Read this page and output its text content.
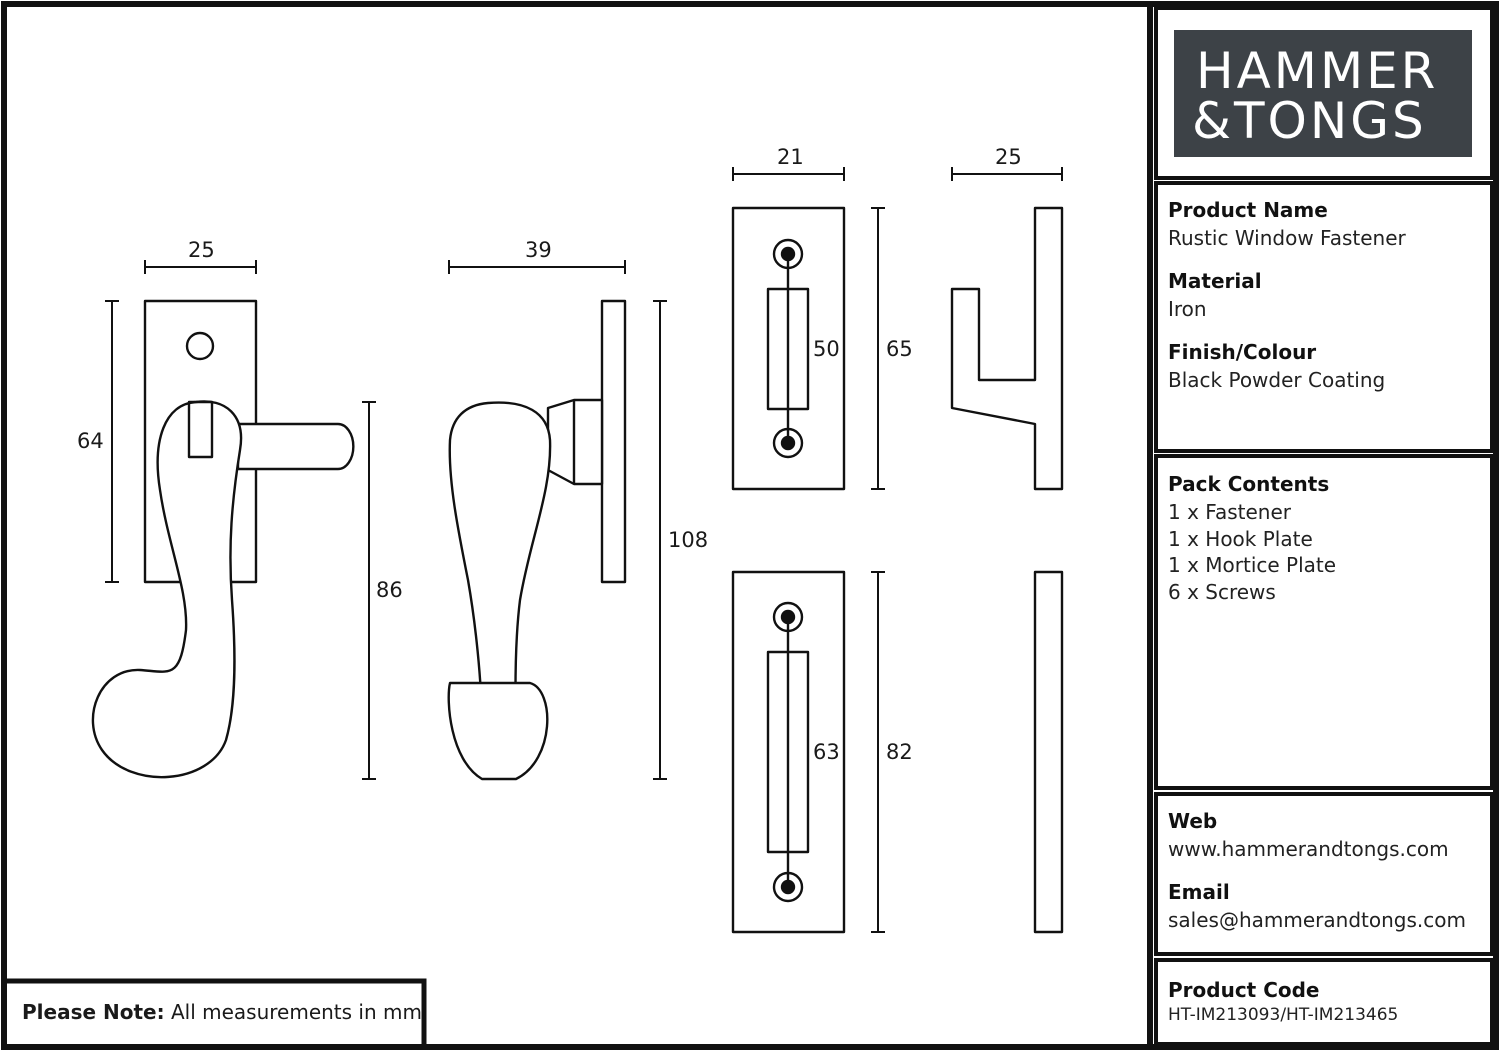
25
64
86
39
108
21
50 65
25
63 82
HAMMER
&TONGS
Product Name
Rustic Window Fastener
Material
Iron
Finish/Colour
Black Powder Coating
Pack Contents
1 x Fastener
1 x Hook Plate
1 x Mortice Plate
6 x Screws
Web
www.hammerandtongs.com
Email
sales@hammerandtongs.com
Product Code
HT-IM213093/HT-IM213465
Please Note: All measurements in mm
